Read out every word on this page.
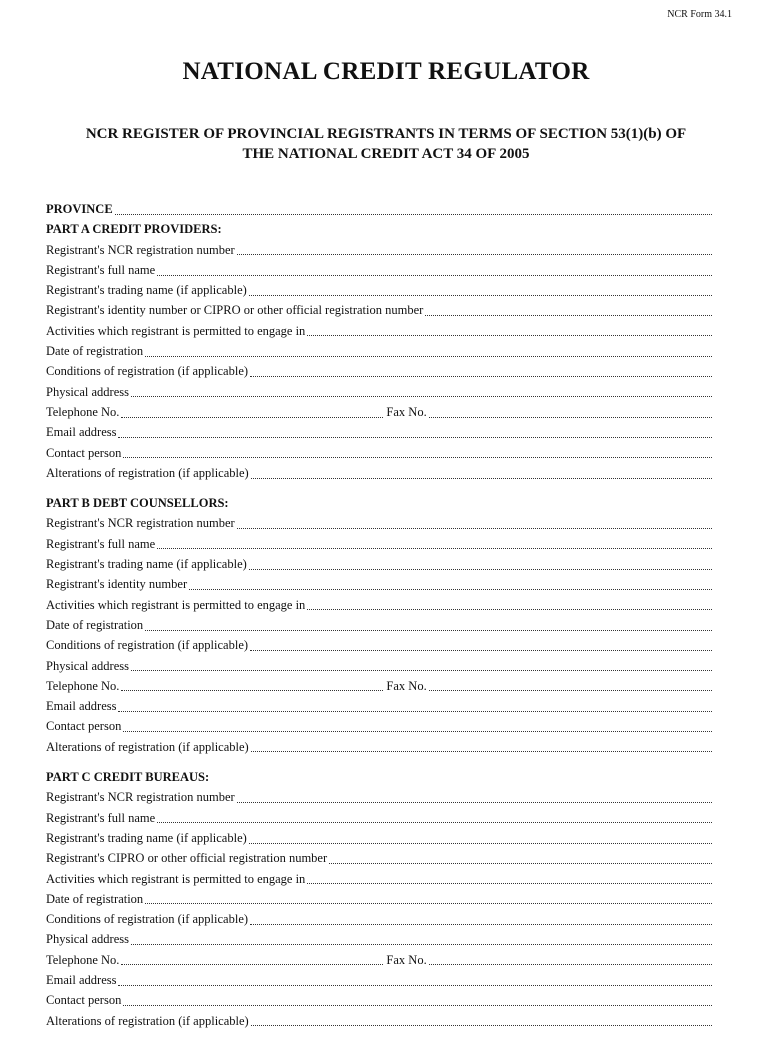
NCR Form 34.1
NATIONAL CREDIT REGULATOR
NCR REGISTER OF PROVINCIAL REGISTRANTS IN TERMS OF SECTION 53(1)(b) OF
THE NATIONAL CREDIT ACT 34 OF 2005
PROVINCE
PART A CREDIT PROVIDERS:
Registrant's NCR registration number
Registrant's full name
Registrant's trading name (if applicable)
Registrant's identity number or CIPRO or other official registration number
Activities which registrant is permitted to engage in
Date of registration
Conditions of registration (if applicable)
Physical address
Telephone No.	Fax No.
Email address
Contact person
Alterations of registration (if applicable)
PART B DEBT COUNSELLORS:
Registrant's NCR registration number
Registrant's full name
Registrant's trading name (if applicable)
Registrant's identity number
Activities which registrant is permitted to engage in
Date of registration
Conditions of registration (if applicable)
Physical address
Telephone No.	Fax No.
Email address
Contact person
Alterations of registration (if applicable)
PART C CREDIT BUREAUS:
Registrant's NCR registration number
Registrant's full name
Registrant's trading name (if applicable)
Registrant's CIPRO or other official registration number
Activities which registrant is permitted to engage in
Date of registration
Conditions of registration (if applicable)
Physical address
Telephone No.	Fax No.
Email address
Contact person
Alterations of registration (if applicable)
